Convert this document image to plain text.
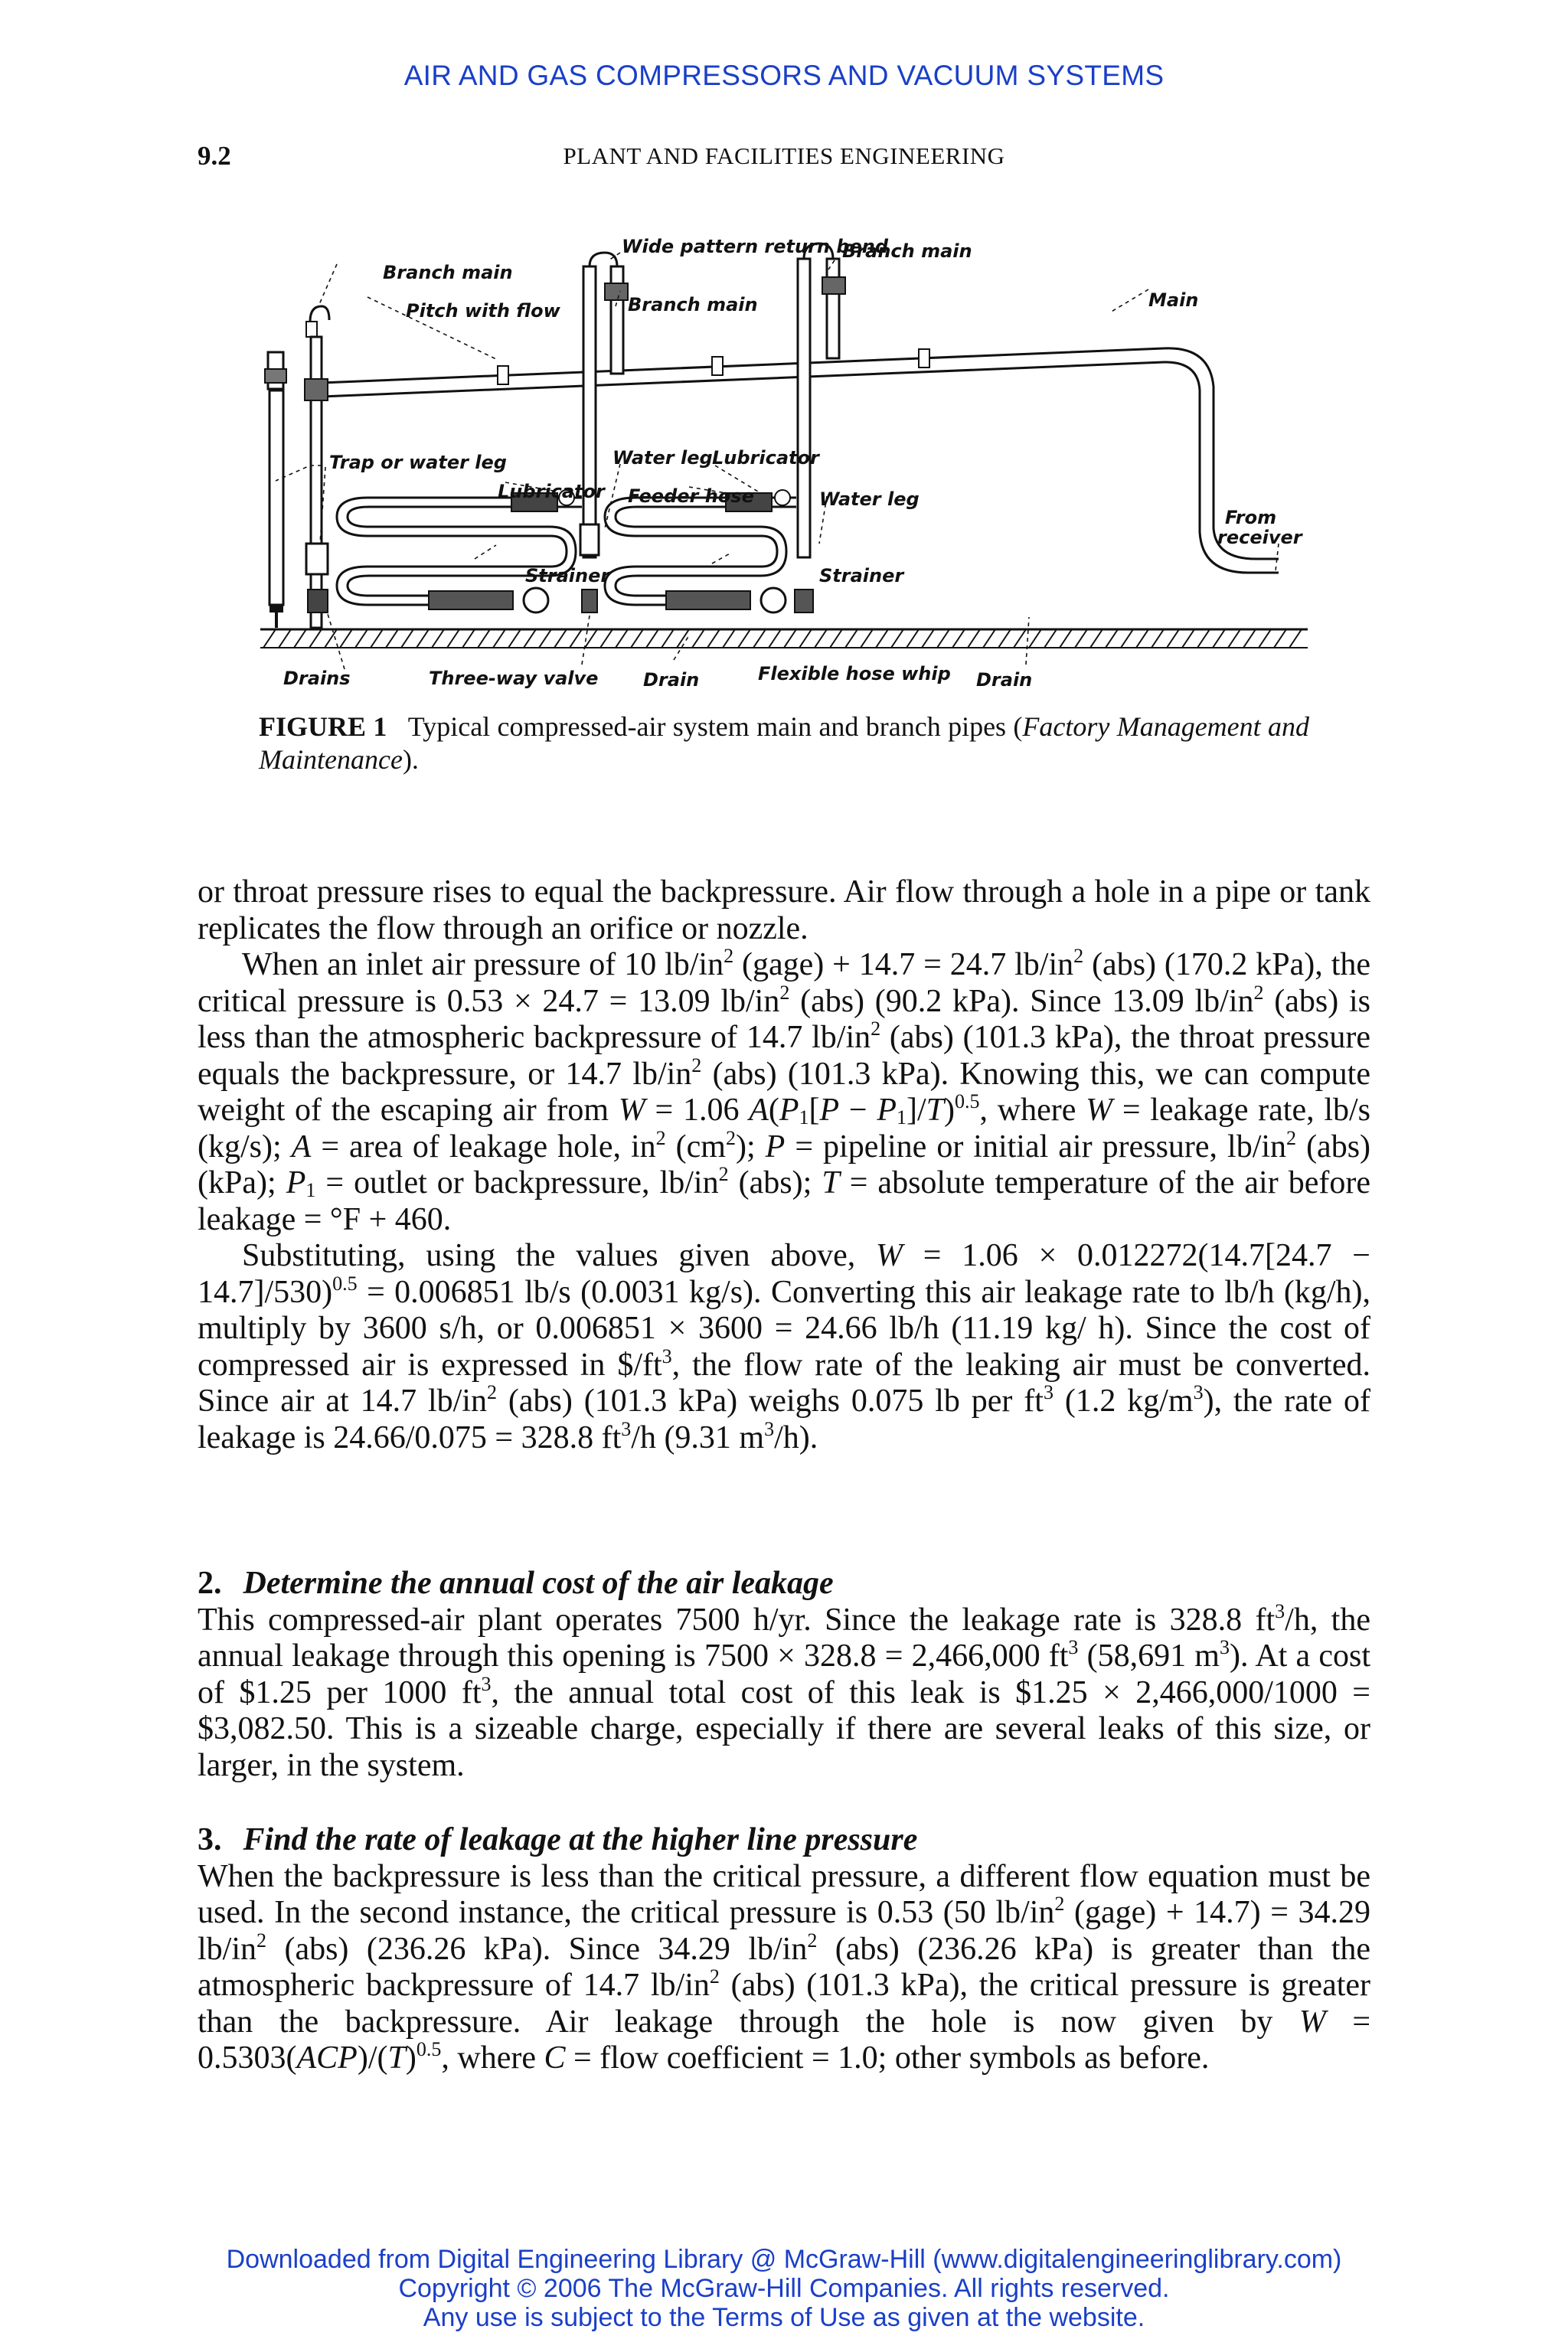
AIR AND GAS COMPRESSORS AND VACUUM SYSTEMS
9.2	PLANT AND FACILITIES ENGINEERING
Branch main
Pitch with flow
Wide pattern return bend
Branch main
Branch main
Main
Trap or water leg
Lubricator
Water leg Lubricator
Feeder hose	Water leg
From
receiver
Strainer	Strainer
Drains	Three-way valve Drain	Flexible hose whip Drain
FIGURE 1 Typical compressed-air system main and branch pipes (Factory Management and Maintenance).

or throat pressure rises to equal the backpressure. Air flow through a hole in a pipe or tank replicates the flow through an orifice or nozzle.

When an inlet air pressure of 10 $lb/in^2$ (gage) + 14.7 = 24.7 $lb/in^2$ (abs) (170.2 kPa), the critical pressure is 0.53 × 24.7 = 13.09 $lb/in^2$ (abs) (90.2 kPa). Since 13.09 $lb/in^2$ (abs) is less than the atmospheric backpressure of 14.7 $lb/in^2$ (abs) (101.3 kPa), the throat pressure equals the backpressure, or 14.7 $lb/in^2$ (abs) (101.3 kPa). Knowing this, we can compute weight of the escaping air from W = 1.06 $A(P_1[P - P_1]/T)^{0.5}$, where W = leakage rate, lb/s (kg/s); A = area of leakage hole, $in^2$ $(cm^2)$; P = pipeline or initial air pressure, $lb/in^2$ (abs) (kPa); $P_1$ = outlet or backpressure, $lb/in^2$ (abs); T = absolute temperature of the air before leakage = °F + 460.

Substituting, using the values given above, $W = 1.06 \times 0.012272(14.7[24.7 - 14.7]/530)^{0.5} = 0.006851$ lb/s (0.0031 kg/s). Converting this air leakage rate to lb/h (kg/h), multiply by 3600 s/h, or 0.006851 × 3600 = 24.66 lb/h (11.19 kg/ h). Since the cost of compressed air is expressed in $\$/ft^3$, the flow rate of the leaking air must be converted. Since air at 14.7 $lb/in^2$ (abs) (101.3 kPa) weighs 0.075 lb per $ft^3$ (1.2 $kg/m^3$), the rate of leakage is 24.66/0.075 = 328.8 $ft^3/h$ (9.31 $m^3/h$).

2. Determine the annual cost of the air leakage

This compressed-air plant operates 7500 h/yr. Since the leakage rate is 328.8 $ft^3/h$, the annual leakage through this opening is 7500 × 328.8 = 2,466,000 $ft^3$ (58,691 $m^3$). At a cost of $1.25 per 1000 $ft^3$, the annual total cost of this leak is $1.25 × 2,466,000/1000 = $3,082.50. This is a sizeable charge, especially if there are several leaks of this size, or larger, in the system.

3. Find the rate of leakage at the higher line pressure

When the backpressure is less than the critical pressure, a different flow equation must be used. In the second instance, the critical pressure is 0.53 (50 $lb/in^2$ (gage) + 14.7) = 34.29 $lb/in^2$ (abs) (236.26 kPa). Since 34.29 $lb/in^2$ (abs) (236.26 kPa) is greater than the atmospheric backpressure of 14.7 $lb/in^2$ (abs) (101.3 kPa), the critical pressure is greater than the backpressure. Air leakage through the hole is now given by $W = 0.5303(ACP)/(T)^{0.5}$, where C = flow coefficient = 1.0; other symbols as before.

Downloaded from Digital Engineering Library @ McGraw-Hill (www.digitalengineeringlibrary.com)
Copyright © 2006 The McGraw-Hill Companies. All rights reserved.
Any use is subject to the Terms of Use as given at the website.
